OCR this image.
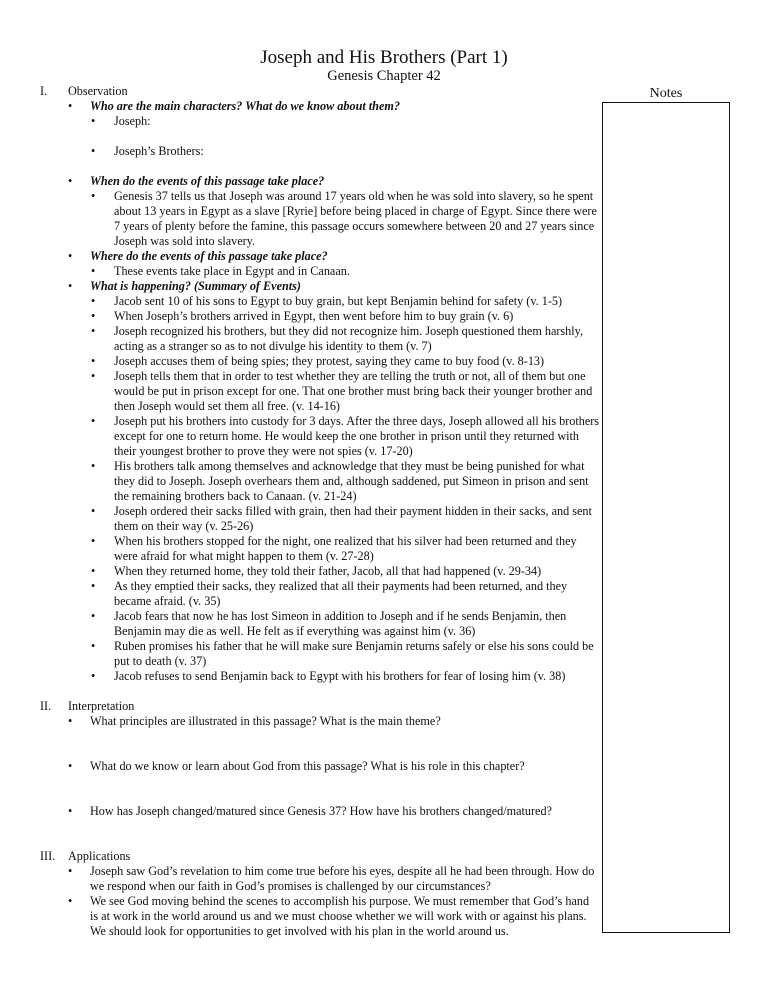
Joseph and His Brothers (Part 1)
Genesis Chapter 42
Notes
I. Observation
• Who are the main characters? What do we know about them?
• Joseph:
• Joseph’s Brothers:
• When do the events of this passage take place?
• Genesis 37 tells us that Joseph was around 17 years old when he was sold into slavery, so he spent about 13 years in Egypt as a slave [Ryrie] before being placed in charge of Egypt. Since there were 7 years of plenty before the famine, this passage occurs somewhere between 20 and 27 years since Joseph was sold into slavery.
• Where do the events of this passage take place?
• These events take place in Egypt and in Canaan.
• What is happening? (Summary of Events)
• Jacob sent 10 of his sons to Egypt to buy grain, but kept Benjamin behind for safety (v. 1-5)
• When Joseph’s brothers arrived in Egypt, then went before him to buy grain (v. 6)
• Joseph recognized his brothers, but they did not recognize him. Joseph questioned them harshly, acting as a stranger so as to not divulge his identity to them (v. 7)
• Joseph accuses them of being spies; they protest, saying they came to buy food (v. 8-13)
• Joseph tells them that in order to test whether they are telling the truth or not, all of them but one would be put in prison except for one. That one brother must bring back their younger brother and then Joseph would set them all free. (v. 14-16)
• Joseph put his brothers into custody for 3 days. After the three days, Joseph allowed all his brothers except for one to return home. He would keep the one brother in prison until they returned with their youngest brother to prove they were not spies (v. 17-20)
• His brothers talk among themselves and acknowledge that they must be being punished for what they did to Joseph. Joseph overhears them and, although saddened, put Simeon in prison and sent the remaining brothers back to Canaan. (v. 21-24)
• Joseph ordered their sacks filled with grain, then had their payment hidden in their sacks, and sent them on their way (v. 25-26)
• When his brothers stopped for the night, one realized that his silver had been returned and they were afraid for what might happen to them (v. 27-28)
• When they returned home, they told their father, Jacob, all that had happened (v. 29-34)
• As they emptied their sacks, they realized that all their payments had been returned, and they became afraid. (v. 35)
• Jacob fears that now he has lost Simeon in addition to Joseph and if he sends Benjamin, then Benjamin may die as well. He felt as if everything was against him (v. 36)
• Ruben promises his father that he will make sure Benjamin returns safely or else his sons could be put to death (v. 37)
• Jacob refuses to send Benjamin back to Egypt with his brothers for fear of losing him (v. 38)
II. Interpretation
• What principles are illustrated in this passage? What is the main theme?
• What do we know or learn about God from this passage? What is his role in this chapter?
• How has Joseph changed/matured since Genesis 37? How have his brothers changed/matured?
III. Applications
• Joseph saw God’s revelation to him come true before his eyes, despite all he had been through. How do we respond when our faith in God’s promises is challenged by our circumstances?
• We see God moving behind the scenes to accomplish his purpose. We must remember that God’s hand is at work in the world around us and we must choose whether we will work with or against his plans. We should look for opportunities to get involved with his plan in the world around us.
